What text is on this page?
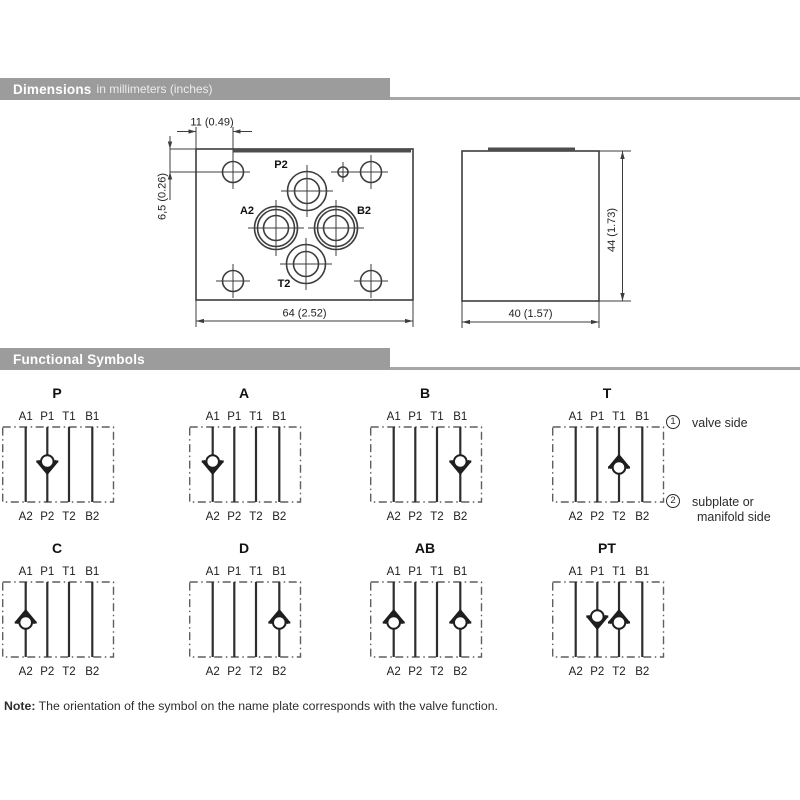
Dimensions in millimeters (inches)
P2
A2	B2
T2
11 (0.49)
6,5 (0.26)
64 (2.52)
44 (1.73)
40 (1.57)
Functional Symbols
P
A1 P1 T1 B1
A2 P2 T2 B2
A
A1 P1 T1 B1
A2 P2 T2 B2
B
A1 P1 T1 B1
A2 P2 T2 B2
T
A1 P1 T1 B1
A2 P2 T2 B2
C
A1 P1 T1 B1
A2 P2 T2 B2
D
A1 P1 T1 B1
A2 P2 T2 B2
AB
A1 P1 T1 B1
A2 P2 T2 B2
PT
A1 P1 T1 B1
A2 P2 T2 B2
1	valve side
2	subplate or
manifold side
Note: The orientation of the symbol on the name plate corresponds with the valve function.
